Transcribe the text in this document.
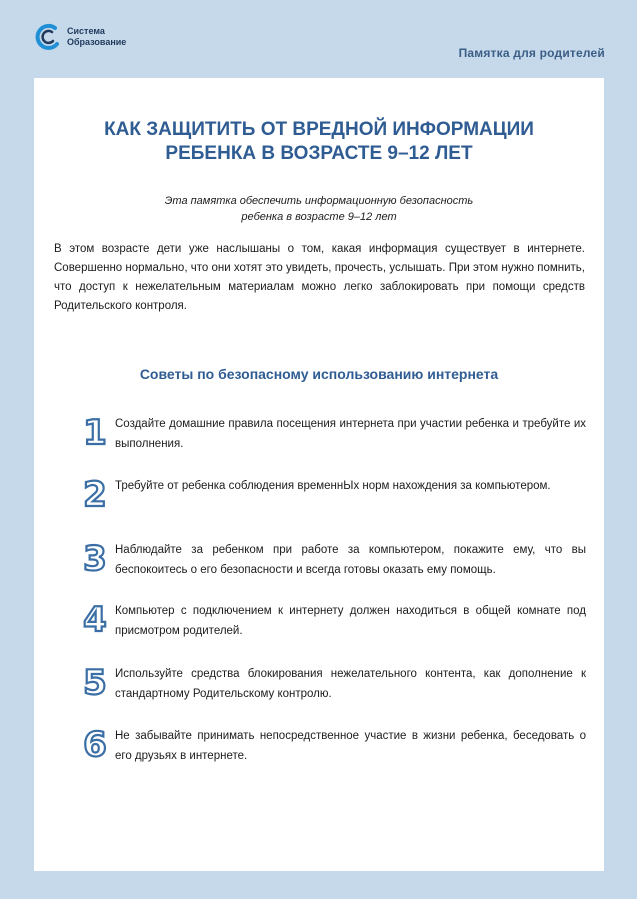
Система
Образование
Памятка для родителей
КАК ЗАЩИТИТЬ ОТ ВРЕДНОЙ ИНФОРМАЦИИ
РЕБЕНКА В ВОЗРАСТЕ 9–12 ЛЕТ
Эта памятка обеспечить информационную безопасность
ребенка в возрасте 9–12 лет
В этом возрасте дети уже наслышаны о том, какая информация существует в интернете. Совершенно нормально, что они хотят это увидеть, прочесть, услышать. При этом нужно помнить, что доступ к нежелательным материалам можно легко заблокировать при помощи средств Родительского контроля.
Советы по безопасному использованию интернета
1 Создайте домашние правила посещения интернета при участии ребенка и требуйте их выполнения.
2 Требуйте от ребенка соблюдения временнЫх норм нахождения за компьютером.
3 Наблюдайте за ребенком при работе за компьютером, покажите ему, что вы беспокоитесь о его безопасности и всегда готовы оказать ему помощь.
4 Компьютер с подключением к интернету должен находиться в общей комнате под присмотром родителей.
5 Используйте средства блокирования нежелательного контента, как дополнение к стандартному Родительскому контролю.
6 Не забывайте принимать непосредственное участие в жизни ребенка, беседовать о его друзьях в интернете.
